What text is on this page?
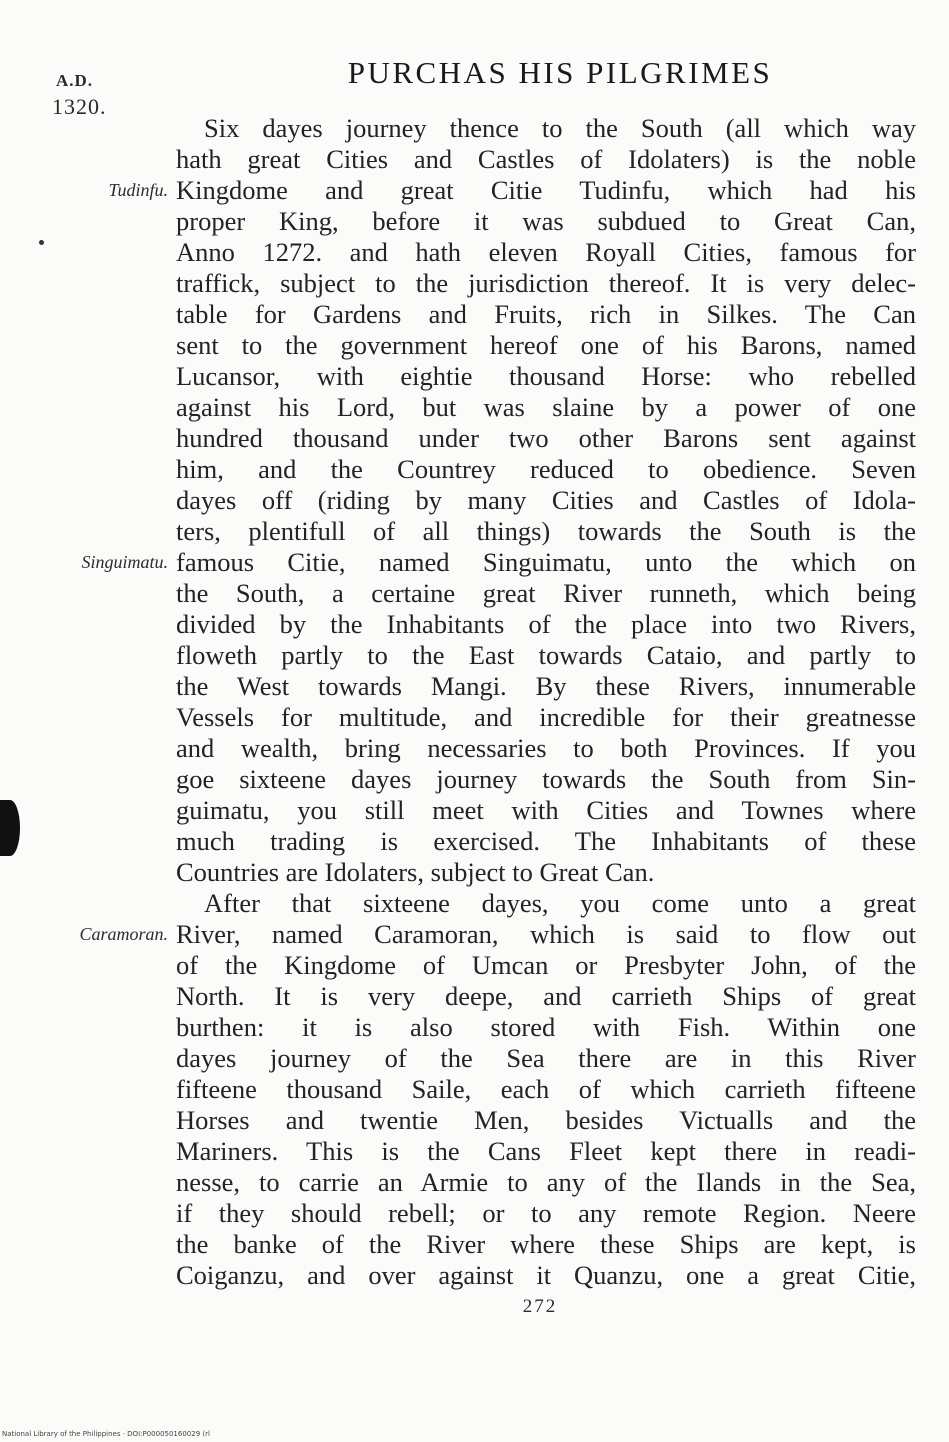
A.D.
1320.
PURCHAS HIS PILGRIMES
Tudinfu.
Singuimatu.
Caramoran.
Six dayes journey thence to the South (all which way
hath great Cities and Castles of Idolaters) is the noble
Kingdome and great Citie Tudinfu, which had his
proper King, before it was subdued to Great Can,
Anno 1272. and hath eleven Royall Cities, famous for
traffick, subject to the jurisdiction thereof. It is very delec-
table for Gardens and Fruits, rich in Silkes. The Can
sent to the government hereof one of his Barons, named
Lucansor, with eightie thousand Horse: who rebelled
against his Lord, but was slaine by a power of one
hundred thousand under two other Barons sent against
him, and the Countrey reduced to obedience. Seven
dayes off (riding by many Cities and Castles of Idola-
ters, plentifull of all things) towards the South is the
famous Citie, named Singuimatu, unto the which on
the South, a certaine great River runneth, which being
divided by the Inhabitants of the place into two Rivers,
floweth partly to the East towards Cataio, and partly to
the West towards Mangi. By these Rivers, innumerable
Vessels for multitude, and incredible for their greatnesse
and wealth, bring necessaries to both Provinces. If you
goe sixteene dayes journey towards the South from Sin-
guimatu, you still meet with Cities and Townes where
much trading is exercised. The Inhabitants of these
Countries are Idolaters, subject to Great Can.
After that sixteene dayes, you come unto a great
River, named Caramoran, which is said to flow out
of the Kingdome of Umcan or Presbyter John, of the
North. It is very deepe, and carrieth Ships of great
burthen: it is also stored with Fish. Within one
dayes journey of the Sea there are in this River
fifteene thousand Saile, each of which carrieth fifteene
Horses and twentie Men, besides Victualls and the
Mariners. This is the Cans Fleet kept there in readi-
nesse, to carrie an Armie to any of the Ilands in the Sea,
if they should rebell; or to any remote Region. Neere
the banke of the River where these Ships are kept, is
Coiganzu, and over against it Quanzu, one a great Citie,
272
National Library of the Philippines · DOI:P000050160029 (rl
